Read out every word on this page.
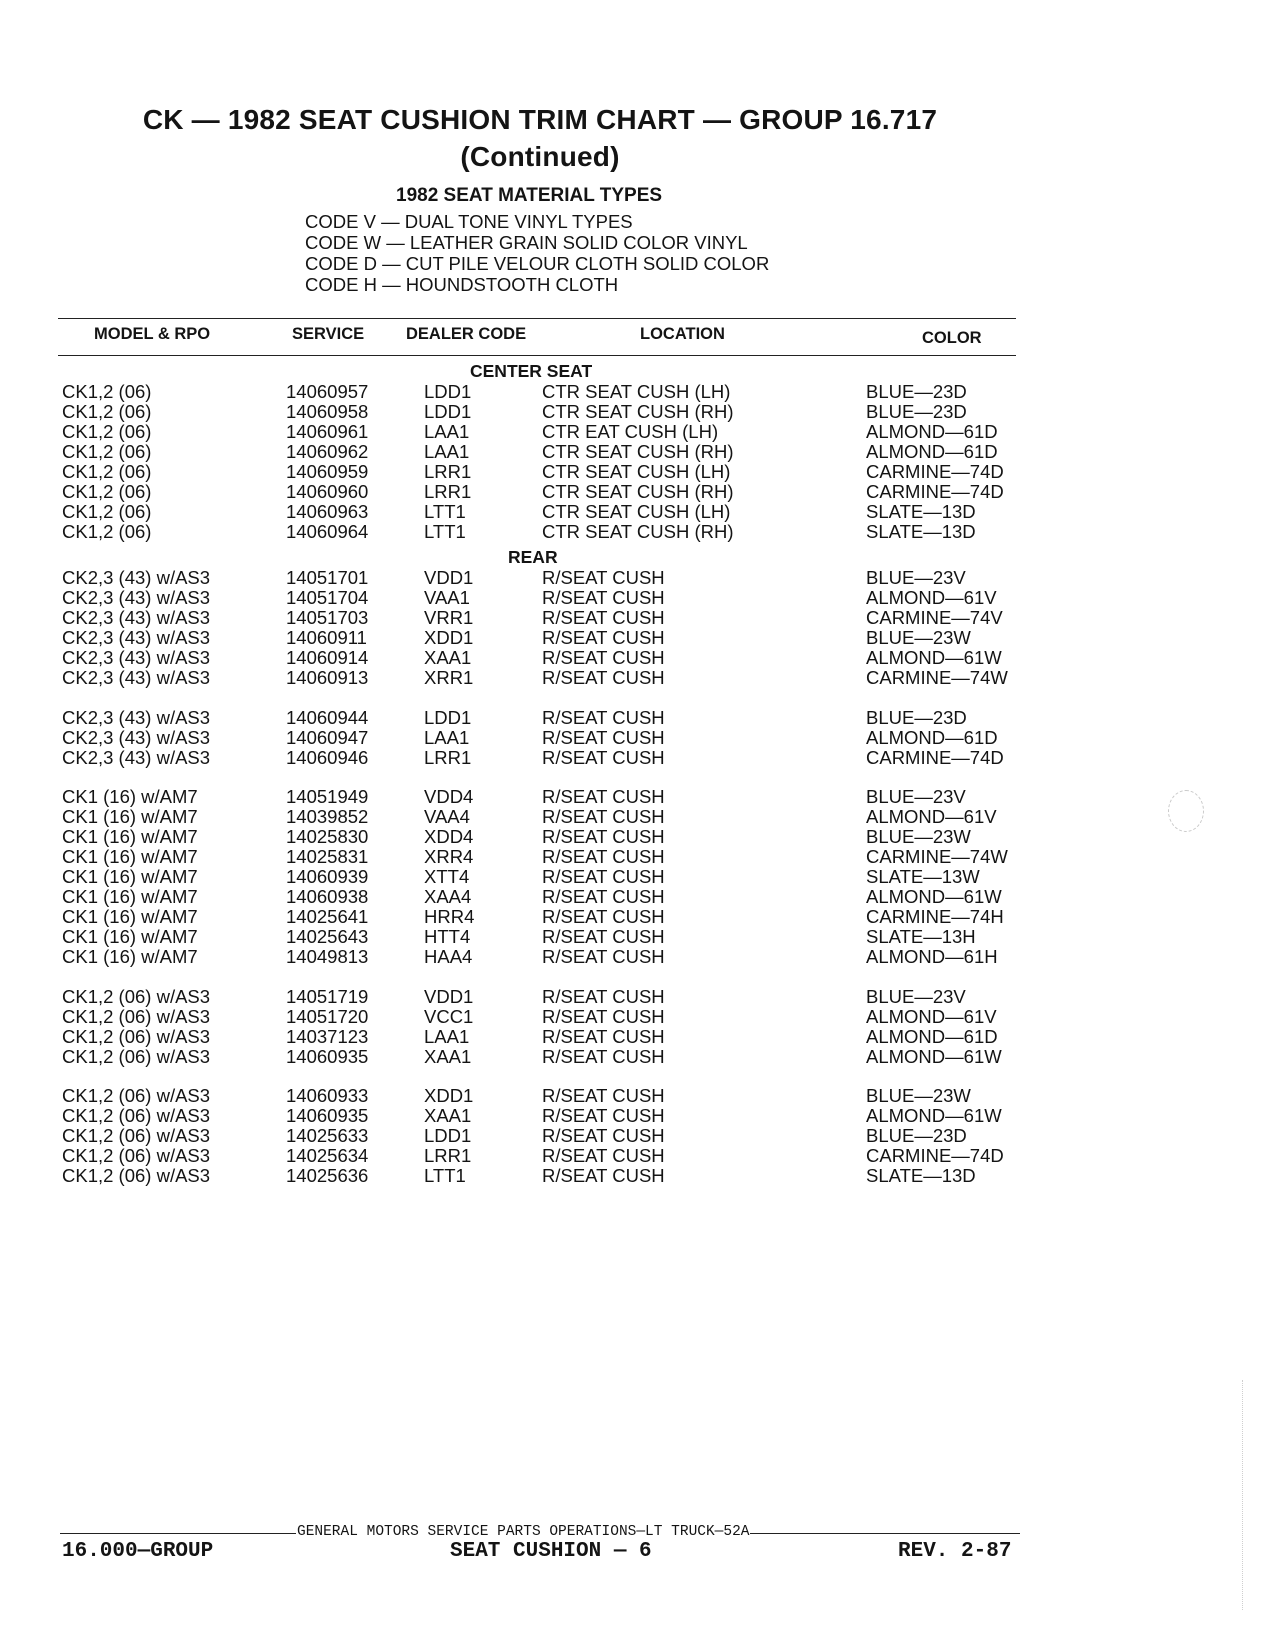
CK — 1982 SEAT CUSHION TRIM CHART — GROUP 16.717
(Continued)
1982 SEAT MATERIAL TYPES
CODE V — DUAL TONE VINYL TYPES
CODE W — LEATHER GRAIN SOLID COLOR VINYL
CODE D — CUT PILE VELOUR CLOTH SOLID COLOR
CODE H — HOUNDSTOOTH CLOTH
MODEL & RPO	SERVICE	DEALER CODE	LOCATION	COLOR
CENTER SEAT
CK1,2 (06)	14060957	LDD1	CTR SEAT CUSH (LH)	BLUE—23D
CK1,2 (06)	14060958	LDD1	CTR SEAT CUSH (RH)	BLUE—23D
CK1,2 (06)	14060961	LAA1	CTR EAT CUSH (LH)	ALMOND—61D
CK1,2 (06)	14060962	LAA1	CTR SEAT CUSH (RH)	ALMOND—61D
CK1,2 (06)	14060959	LRR1	CTR SEAT CUSH (LH)	CARMINE—74D
CK1,2 (06)	14060960	LRR1	CTR SEAT CUSH (RH)	CARMINE—74D
CK1,2 (06)	14060963	LTT1	CTR SEAT CUSH (LH)	SLATE—13D
CK1,2 (06)	14060964	LTT1	CTR SEAT CUSH (RH)	SLATE—13D
REAR
CK2,3 (43) w/AS3	14051701	VDD1	R/SEAT CUSH	BLUE—23V
CK2,3 (43) w/AS3	14051704	VAA1	R/SEAT CUSH	ALMOND—61V
CK2,3 (43) w/AS3	14051703	VRR1	R/SEAT CUSH	CARMINE—74V
CK2,3 (43) w/AS3	14060911	XDD1	R/SEAT CUSH	BLUE—23W
CK2,3 (43) w/AS3	14060914	XAA1	R/SEAT CUSH	ALMOND—61W
CK2,3 (43) w/AS3	14060913	XRR1	R/SEAT CUSH	CARMINE—74W
CK2,3 (43) w/AS3	14060944	LDD1	R/SEAT CUSH	BLUE—23D
CK2,3 (43) w/AS3	14060947	LAA1	R/SEAT CUSH	ALMOND—61D
CK2,3 (43) w/AS3	14060946	LRR1	R/SEAT CUSH	CARMINE—74D
CK1 (16) w/AM7	14051949	VDD4	R/SEAT CUSH	BLUE—23V
CK1 (16) w/AM7	14039852	VAA4	R/SEAT CUSH	ALMOND—61V
CK1 (16) w/AM7	14025830	XDD4	R/SEAT CUSH	BLUE—23W
CK1 (16) w/AM7	14025831	XRR4	R/SEAT CUSH	CARMINE—74W
CK1 (16) w/AM7	14060939	XTT4	R/SEAT CUSH	SLATE—13W
CK1 (16) w/AM7	14060938	XAA4	R/SEAT CUSH	ALMOND—61W
CK1 (16) w/AM7	14025641	HRR4	R/SEAT CUSH	CARMINE—74H
CK1 (16) w/AM7	14025643	HTT4	R/SEAT CUSH	SLATE—13H
CK1 (16) w/AM7	14049813	HAA4	R/SEAT CUSH	ALMOND—61H
CK1,2 (06) w/AS3	14051719	VDD1	R/SEAT CUSH	BLUE—23V
CK1,2 (06) w/AS3	14051720	VCC1	R/SEAT CUSH	ALMOND—61V
CK1,2 (06) w/AS3	14037123	LAA1	R/SEAT CUSH	ALMOND—61D
CK1,2 (06) w/AS3	14060935	XAA1	R/SEAT CUSH	ALMOND—61W
CK1,2 (06) w/AS3	14060933	XDD1	R/SEAT CUSH	BLUE—23W
CK1,2 (06) w/AS3	14060935	XAA1	R/SEAT CUSH	ALMOND—61W
CK1,2 (06) w/AS3	14025633	LDD1	R/SEAT CUSH	BLUE—23D
CK1,2 (06) w/AS3	14025634	LRR1	R/SEAT CUSH	CARMINE—74D
CK1,2 (06) w/AS3	14025636	LTT1	R/SEAT CUSH	SLATE—13D
GENERAL MOTORS SERVICE PARTS OPERATIONS—LT TRUCK—52A
16.000—GROUP	SEAT CUSHION — 6	REV. 2-87
